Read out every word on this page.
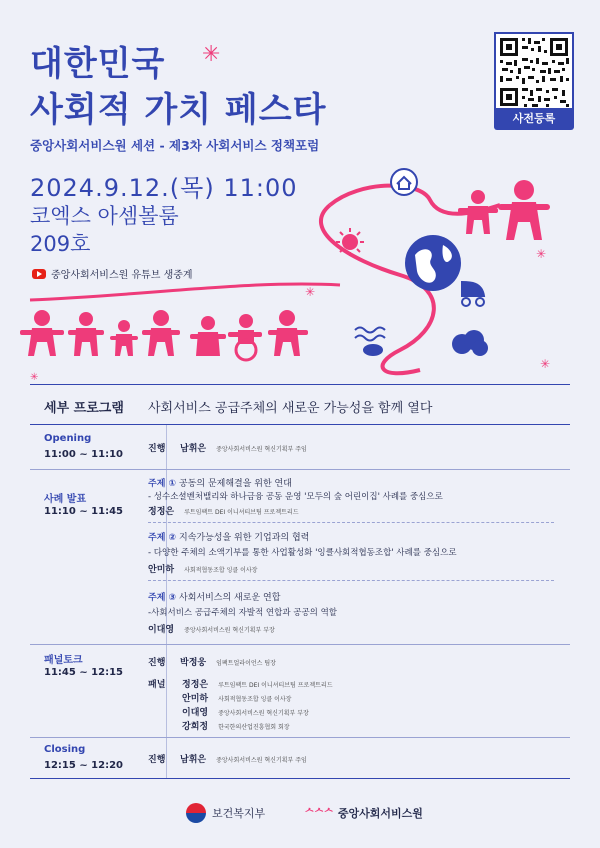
대한민국 ✳
사회적 가치 페스타
중앙사회서비스원 세션 - 제3차 사회서비스 정책포럼
2024.9.12.(목) 11:00
코엑스 아셈볼룸
209호
중앙사회서비스원 유튜브 생중계
사전등록
✳
✳
✳
✳
세부 프로그램 사회서비스 공급주체의 새로운 가능성을 함께 열다
Opening
11:00 ~ 11:10	진행	남휘은 중앙사회서비스원 혁신기획부 주임
사례 발표
11:10 ~ 11:45
주제 ① 공동의 문제해결을 위한 연대
- 성수소셜벤처밸리와 하나금융 공동 운영 '모두의 숲 어린이집' 사례를 중심으로
정정은 루트임팩트 DEI 이니셔티브팀 프로젝트리드
주제 ② 지속가능성을 위한 기업과의 협력
- 다양한 주체의 소액기부를 통한 사업활성화 '잉클사회적협동조합' 사례를 중심으로
안미하 사회적협동조합 잉클 이사장
주제 ③ 사회서비스의 새로운 연합
-사회서비스 공급주체의 자발적 연합과 공공의 역할
이대영 중앙사회서비스원 혁신기획부 부장
패널토크
11:45 ~ 12:15
진행	박정웅 임팩트얼라이언스 팀장
패널	정정은 루트임팩트 DEI 이니셔티브팀 프로젝트리드
안미하 사회적협동조합 잉클 이사장
이대영 중앙사회서비스원 혁신기획부 부장
강희정 한국한의산업진흥협회 회장
Closing
12:15 ~ 12:20	진행	남휘은 중앙사회서비스원 혁신기획부 주임
보건복지부	ᄉᄉᄉ 중앙사회서비스원
